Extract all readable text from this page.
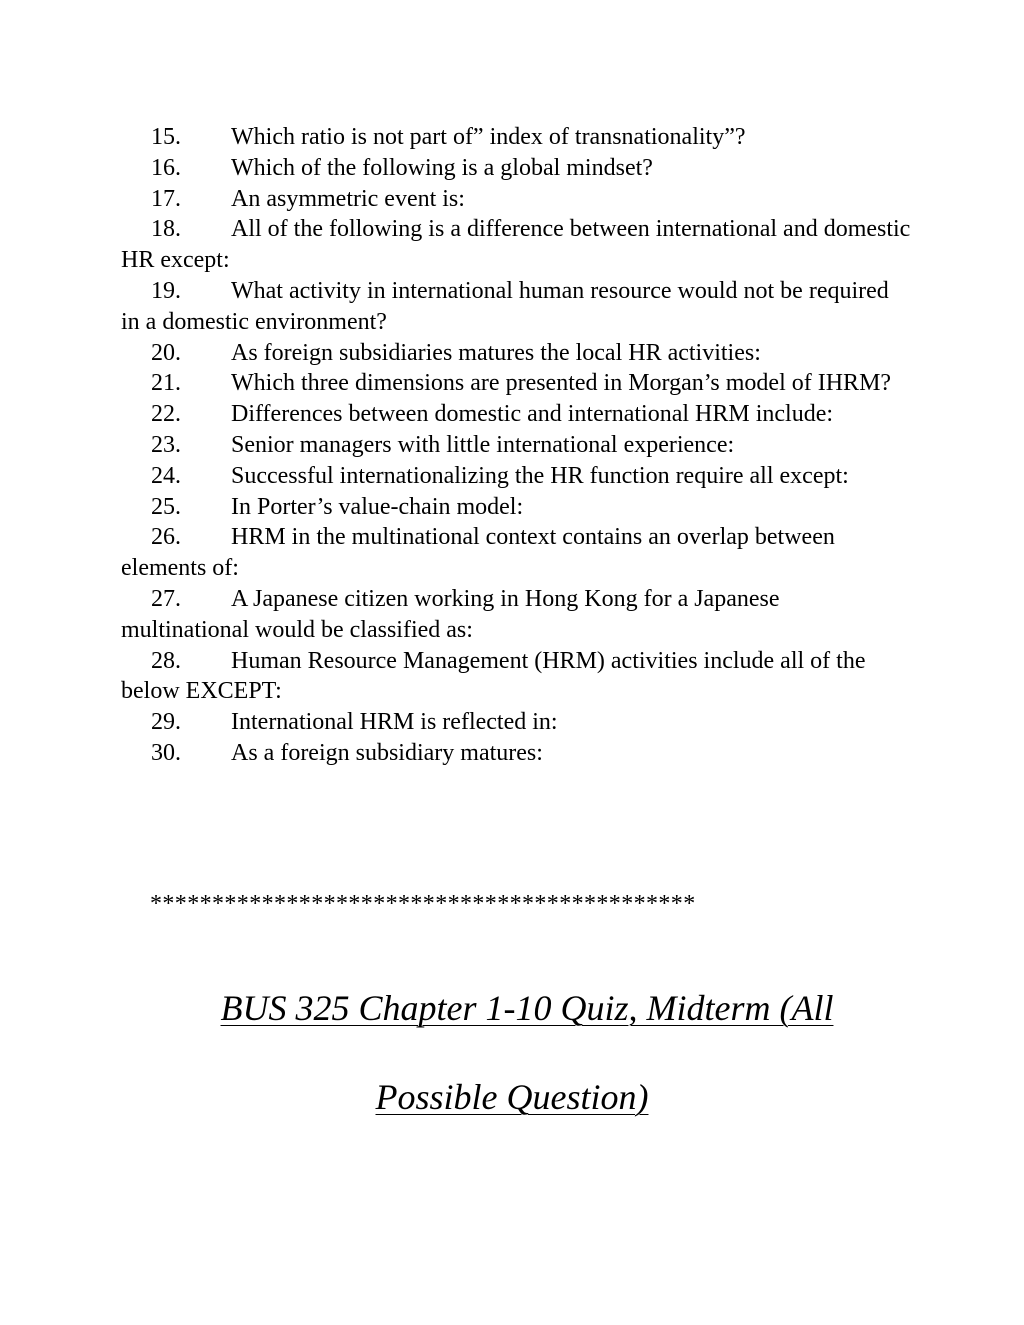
15. Which ratio is not part of” index of transnationality”?
16. Which of the following is a global mindset?
17. An asymmetric event is:
18. All of the following is a difference between international and domestic HR except:
19. What activity in international human resource would not be required in a domestic environment?
20. As foreign subsidiaries matures the local HR activities:
21. Which three dimensions are presented in Morgan’s model of IHRM?
22. Differences between domestic and international HRM include:
23. Senior managers with little international experience:
24. Successful internationalizing the HR function require all except:
25. In Porter’s value-chain model:
26. HRM in the multinational context contains an overlap between elements of:
27. A Japanese citizen working in Hong Kong for a Japanese multinational would be classified as:
28. Human Resource Management (HRM) activities include all of the below EXCEPT:
29. International HRM is reflected in:
30. As a foreign subsidiary matures:
********************************************
BUS 325 Chapter 1-10 Quiz, Midterm (All
Possible Question)
